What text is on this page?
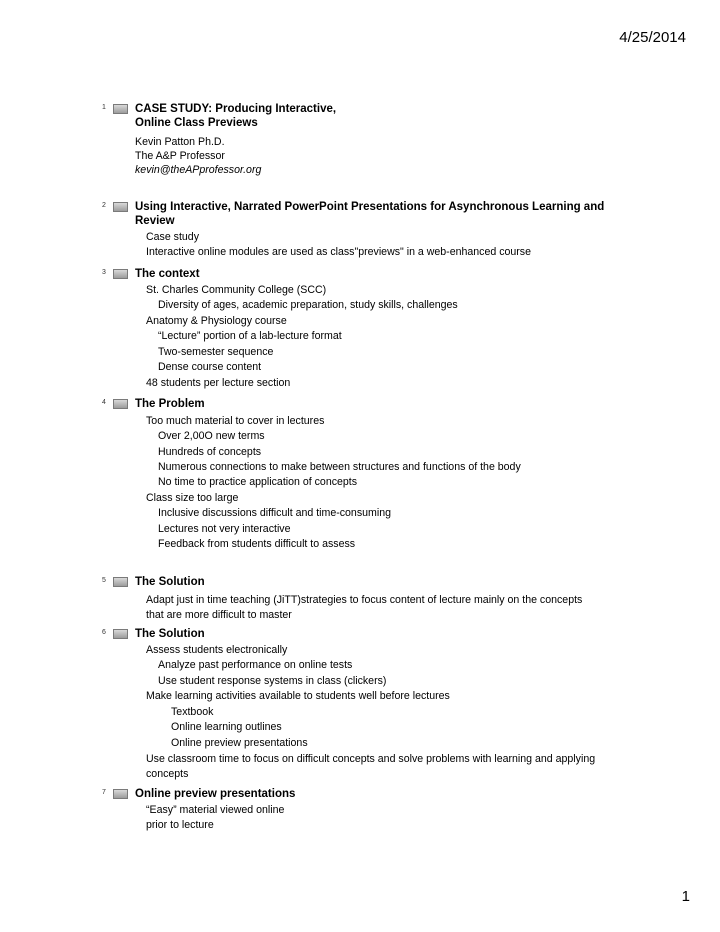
4/25/2014
1	CASE STUDY: Producing Interactive, Online Class Previews
Kevin Patton Ph.D.
The A&P Professor
kevin@theAPprofessor.org
2	Using Interactive, Narrated PowerPoint Presentations for Asynchronous Learning and Review
Case study
Interactive online modules are used as class"previews" in a web-enhanced course
3	The context
St. Charles Community College (SCC)
Diversity of ages, academic preparation, study skills, challenges
Anatomy & Physiology course
“Lecture” portion of a lab-lecture format
Two-semester sequence
Dense course content
48 students per lecture section
4	The Problem
Too much material to cover in lectures
Over 2,00O new terms
Hundreds of concepts
Numerous connections to make between structures and functions of the body
No time to practice application of concepts
Class size too large
Inclusive discussions difficult and time-consuming
Lectures not very interactive
Feedback from students difficult to assess
5	The Solution
Adapt just in time teaching (JiTT)strategies to focus content of lecture mainly on the concepts that are more difficult to master
6	The Solution
Assess students electronically
Analyze past performance on online tests
Use student response systems in class (clickers)
Make learning activities available to students well before lectures
Textbook
Online learning outlines
Online preview presentations
Use classroom time to focus on difficult concepts and solve problems with learning and applying concepts
7	Online preview presentations
“Easy” material viewed online
prior to lecture
1
